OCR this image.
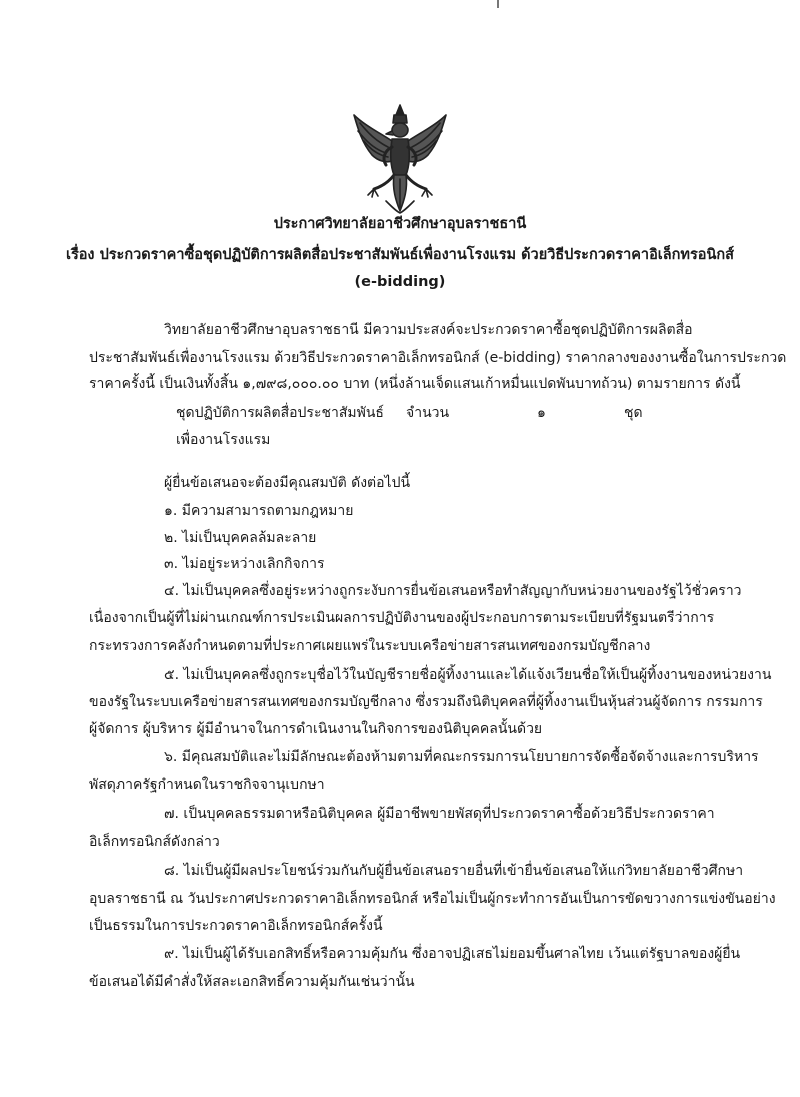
ประกาศวิทยาลัยอาชีวศึกษาอุบลราชธานี
เรื่อง ประกวดราคาซื้อชุดปฏิบัติการผลิตสื่อประชาสัมพันธ์เพื่องานโรงแรม ด้วยวิธีประกวดราคาอิเล็กทรอนิกส์
(e-bidding)
วิทยาลัยอาชีวศึกษาอุบลราชธานี มีความประสงค์จะประกวดราคาซื้อชุดปฏิบัติการผลิตสื่อ
ประชาสัมพันธ์เพื่องานโรงแรม ด้วยวิธีประกวดราคาอิเล็กทรอนิกส์ (e-bidding) ราคากลางของงานซื้อในการประกวด
ราคาครั้งนี้ เป็นเงินทั้งสิ้น ๑,๗๙๘,๐๐๐.๐๐ บาท (หนึ่งล้านเจ็ดแสนเก้าหมื่นแปดพันบาทถ้วน) ตามรายการ ดังนี้
ชุดปฏิบัติการผลิตสื่อประชาสัมพันธ์ จำนวน	๑	ชุด
เพื่องานโรงแรม
ผู้ยื่นข้อเสนอจะต้องมีคุณสมบัติ ดังต่อไปนี้
๑. มีความสามารถตามกฎหมาย
๒. ไม่เป็นบุคคลล้มละลาย
๓. ไม่อยู่ระหว่างเลิกกิจการ
๔. ไม่เป็นบุคคลซึ่งอยู่ระหว่างถูกระงับการยื่นข้อเสนอหรือทำสัญญากับหน่วยงานของรัฐไว้ชั่วคราว
เนื่องจากเป็นผู้ที่ไม่ผ่านเกณฑ์การประเมินผลการปฏิบัติงานของผู้ประกอบการตามระเบียบที่รัฐมนตรีว่าการ
กระทรวงการคลังกำหนดตามที่ประกาศเผยแพร่ในระบบเครือข่ายสารสนเทศของกรมบัญชีกลาง
๕. ไม่เป็นบุคคลซึ่งถูกระบุชื่อไว้ในบัญชีรายชื่อผู้ทิ้งงานและได้แจ้งเวียนชื่อให้เป็นผู้ทิ้งงานของหน่วยงาน
ของรัฐในระบบเครือข่ายสารสนเทศของกรมบัญชีกลาง ซึ่งรวมถึงนิติบุคคลที่ผู้ทิ้งงานเป็นหุ้นส่วนผู้จัดการ กรรมการ
ผู้จัดการ ผู้บริหาร ผู้มีอำนาจในการดำเนินงานในกิจการของนิติบุคคลนั้นด้วย
๖. มีคุณสมบัติและไม่มีลักษณะต้องห้ามตามที่คณะกรรมการนโยบายการจัดซื้อจัดจ้างและการบริหาร
พัสดุภาครัฐกำหนดในราชกิจจานุเบกษา
๗. เป็นบุคคลธรรมดาหรือนิติบุคคล ผู้มีอาชีพขายพัสดุที่ประกวดราคาซื้อด้วยวิธีประกวดราคา
อิเล็กทรอนิกส์ดังกล่าว
๘. ไม่เป็นผู้มีผลประโยชน์ร่วมกันกับผู้ยื่นข้อเสนอรายอื่นที่เข้ายื่นข้อเสนอให้แก่วิทยาลัยอาชีวศึกษา
อุบลราชธานี ณ วันประกาศประกวดราคาอิเล็กทรอนิกส์ หรือไม่เป็นผู้กระทำการอันเป็นการขัดขวางการแข่งขันอย่าง
เป็นธรรมในการประกวดราคาอิเล็กทรอนิกส์ครั้งนี้
๙. ไม่เป็นผู้ได้รับเอกสิทธิ์หรือความคุ้มกัน ซึ่งอาจปฏิเสธไม่ยอมขึ้นศาลไทย เว้นแต่รัฐบาลของผู้ยื่น
ข้อเสนอได้มีคำสั่งให้สละเอกสิทธิ์ความคุ้มกันเช่นว่านั้น
